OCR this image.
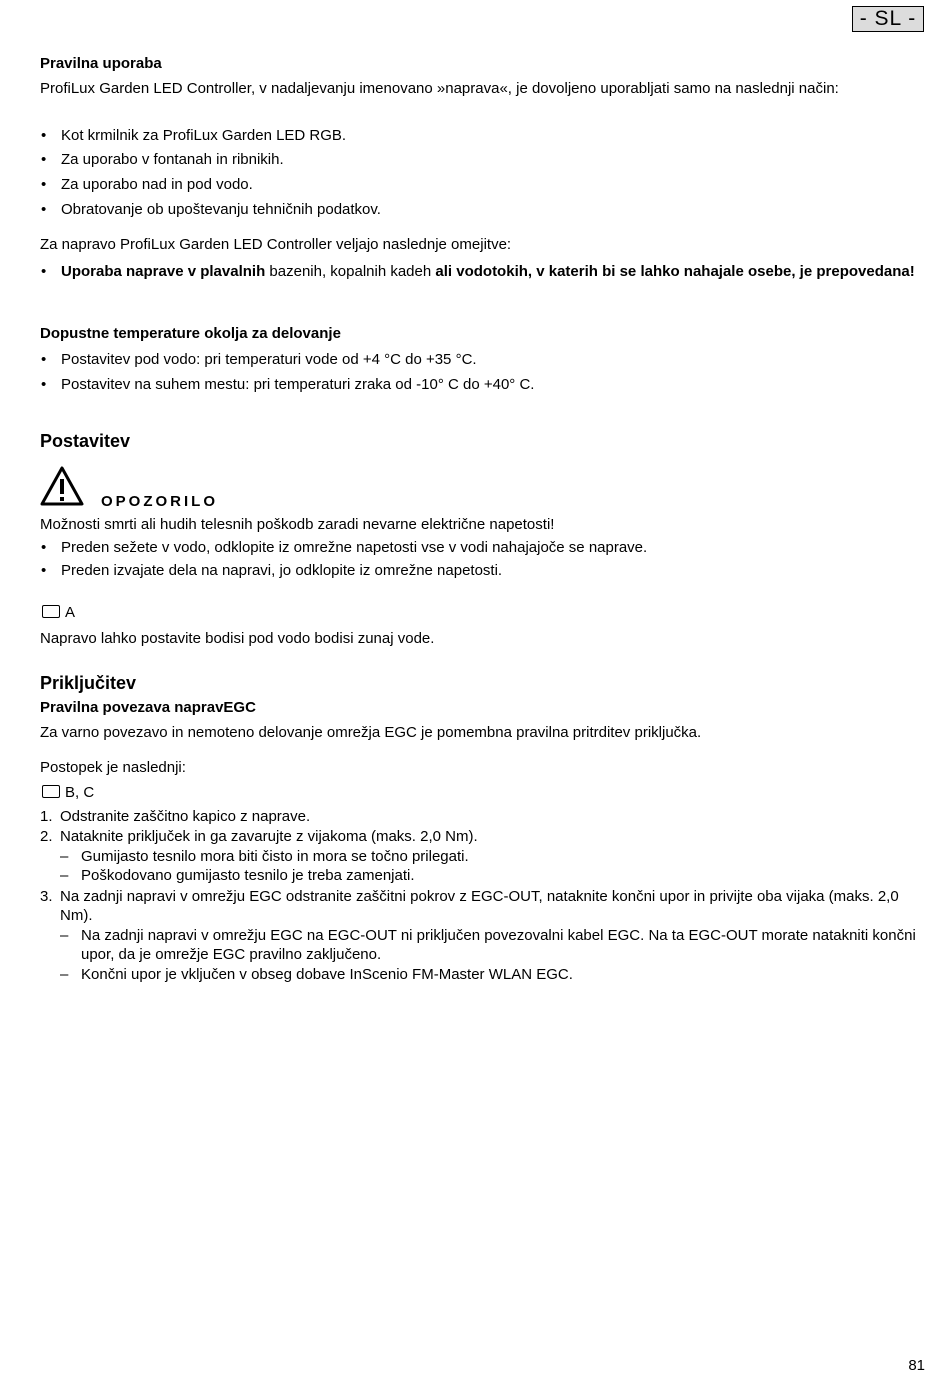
- SL -
Pravilna uporaba
ProfiLux Garden LED Controller, v nadaljevanju imenovano »naprava«, je dovoljeno uporabljati samo na naslednji način:
• Kot krmilnik za ProfiLux Garden LED RGB.
• Za uporabo v fontanah in ribnikih.
• Za uporabo nad in pod vodo.
• Obratovanje ob upoštevanju tehničnih podatkov.
Za napravo ProfiLux Garden LED Controller veljajo naslednje omejitve:
• Uporaba naprave v plavalnih bazenih, kopalnih kadeh ali vodotokih, v katerih bi se lahko nahajale osebe, je prepovedana!
Dopustne temperature okolja za delovanje
• Postavitev pod vodo: pri temperaturi vode od +4 °C do +35 °C.
• Postavitev na suhem mestu: pri temperaturi zraka od -10° C do +40° C.
Postavitev
OPOZORILO
Možnosti smrti ali hudih telesnih poškodb zaradi nevarne električne napetosti!
• Preden sežete v vodo, odklopite iz omrežne napetosti vse v vodi nahajajoče se naprave.
• Preden izvajate dela na napravi, jo odklopite iz omrežne napetosti.
A
Napravo lahko postavite bodisi pod vodo bodisi zunaj vode.
Priključitev
Pravilna povezava napravEGC
Za varno povezavo in nemoteno delovanje omrežja EGC je pomembna pravilna pritrditev priključka.
Postopek je naslednji:
B, C
1. Odstranite zaščitno kapico z naprave.
2. Nataknite priključek in ga zavarujte z vijakoma (maks. 2,0 Nm).
– Gumijasto tesnilo mora biti čisto in mora se točno prilegati.
– Poškodovano gumijasto tesnilo je treba zamenjati.
3. Na zadnji napravi v omrežju EGC odstranite zaščitni pokrov z EGC-OUT, nataknite končni upor in privijte oba vijaka (maks. 2,0 Nm).
– Na zadnji napravi v omrežju EGC na EGC-OUT ni priključen povezovalni kabel EGC. Na ta EGC-OUT morate natakniti končni upor, da je omrežje EGC pravilno zaključeno.
– Končni upor je vključen v obseg dobave InScenio FM-Master WLAN EGC.
81
